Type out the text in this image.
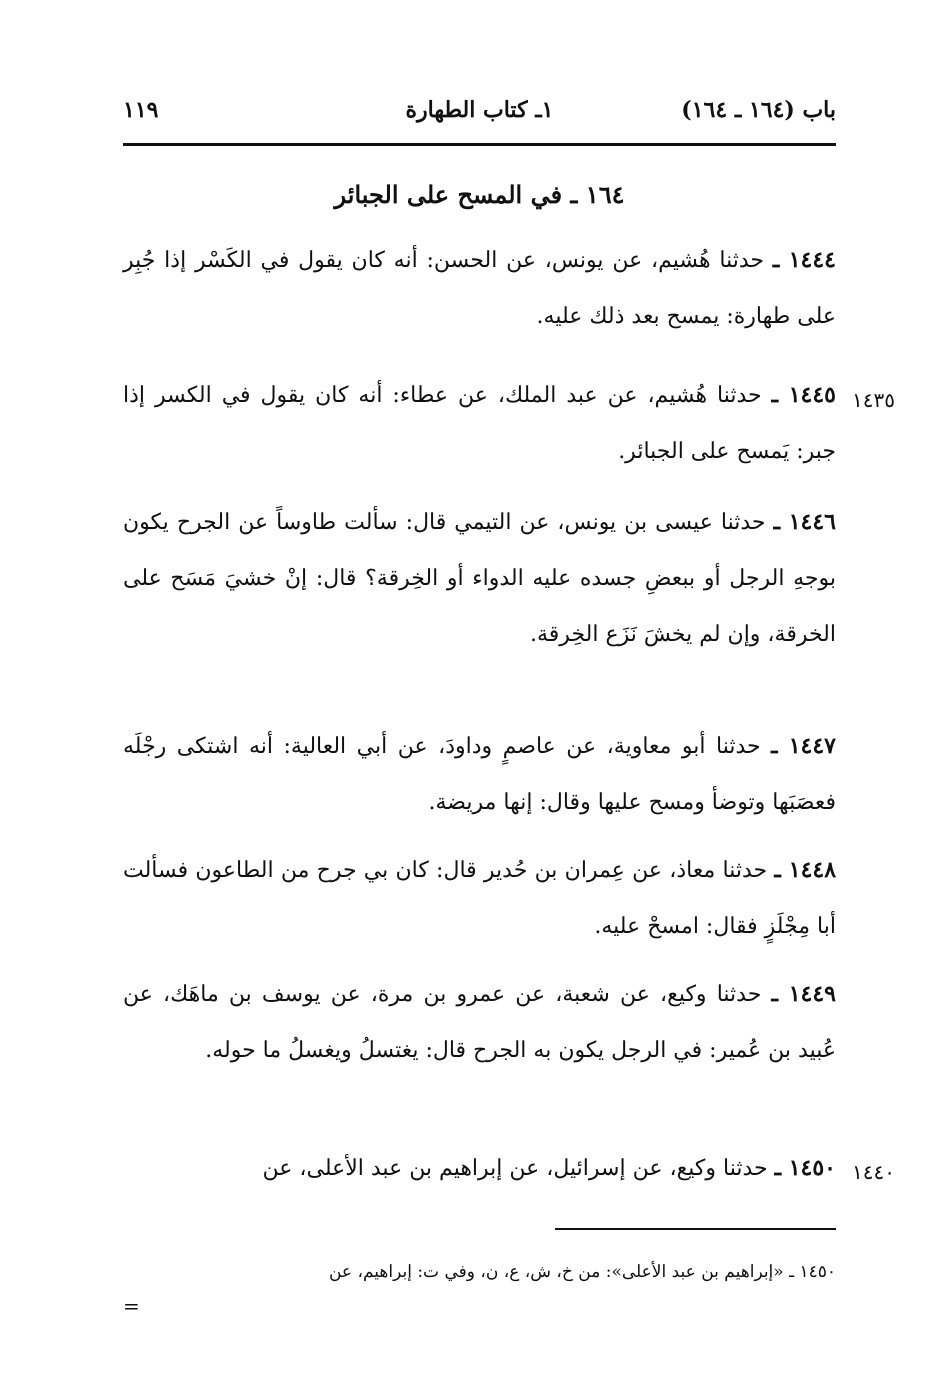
باب (١٦٤ ـ ١٦٤)
١ـ كتاب الطهارة
١١٩
١٦٤ ـ في المسح على الجبائر

١٤٤٤ ـ حدثنا هُشيم، عن يونس، عن الحسن: أنه كان يقول في الكَسْر إذا جُبِر على طهارة: يمسح بعد ذلك عليه.

١٤٣٥

١٤٤٥ ـ حدثنا هُشيم، عن عبد الملك، عن عطاء: أنه كان يقول في الكسر إذا جبر: يَمسح على الجبائر.

١٤٤٦ ـ حدثنا عيسى بن يونس، عن التيمي قال: سألت طاوساً عن الجرح يكون بوجهِ الرجل أو ببعضِ جسده عليه الدواء أو الخِرقة؟ قال: إنْ خشيَ مَسَح على الخرقة، وإن لم يخشَ نَزَع الخِرقة.

١٤٤٧ ـ حدثنا أبو معاوية، عن عاصمٍ وداودَ، عن أبي العالية: أنه اشتكى رجْلَه فعصَبَها وتوضأ ومسح عليها وقال: إنها مريضة.

١٤٤٨ ـ حدثنا معاذ، عن عِمران بن حُدير قال: كان بي جرح من الطاعون فسألت أبا مِجْلَزٍ فقال: امسحْ عليه.

١٤٤٩ ـ حدثنا وكيع، عن شعبة، عن عمرو بن مرة، عن يوسف بن ماهَك، عن عُبيد بن عُمير: في الرجل يكون به الجرح قال: يغتسلُ ويغسلُ ما حوله.

١٤٤٠

١٤٥٠ ـ حدثنا وكيع، عن إسرائيل، عن إبراهيم بن عبد الأعلى، عن

١٤٥٠ ـ «إبراهيم بن عبد الأعلى»: من خ، ش، ع، ن، وفي ت: إبراهيم، عن
=
